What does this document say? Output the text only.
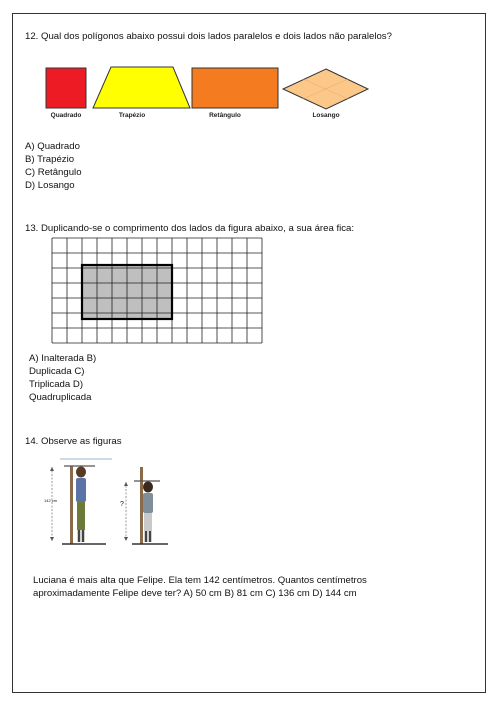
12. Qual dos polígonos abaixo possui dois lados paralelos e dois lados não paralelos?
Quadrado	Trapézio	Retângulo	Losango
A) Quadrado
B) Trapézio
C) Retângulo
D) Losango
13. Duplicando-se o comprimento dos lados da figura abaixo, a sua área fica:
A) Inalterada B)
Duplicada C)
Triplicada D)
Quadruplicada
14. Observe as figuras
142 cm
?
Luciana é mais alta que Felipe. Ela tem 142 centímetros. Quantos centímetros aproximadamente Felipe deve ter? A) 50 cm B) 81 cm C) 136 cm D) 144 cm
